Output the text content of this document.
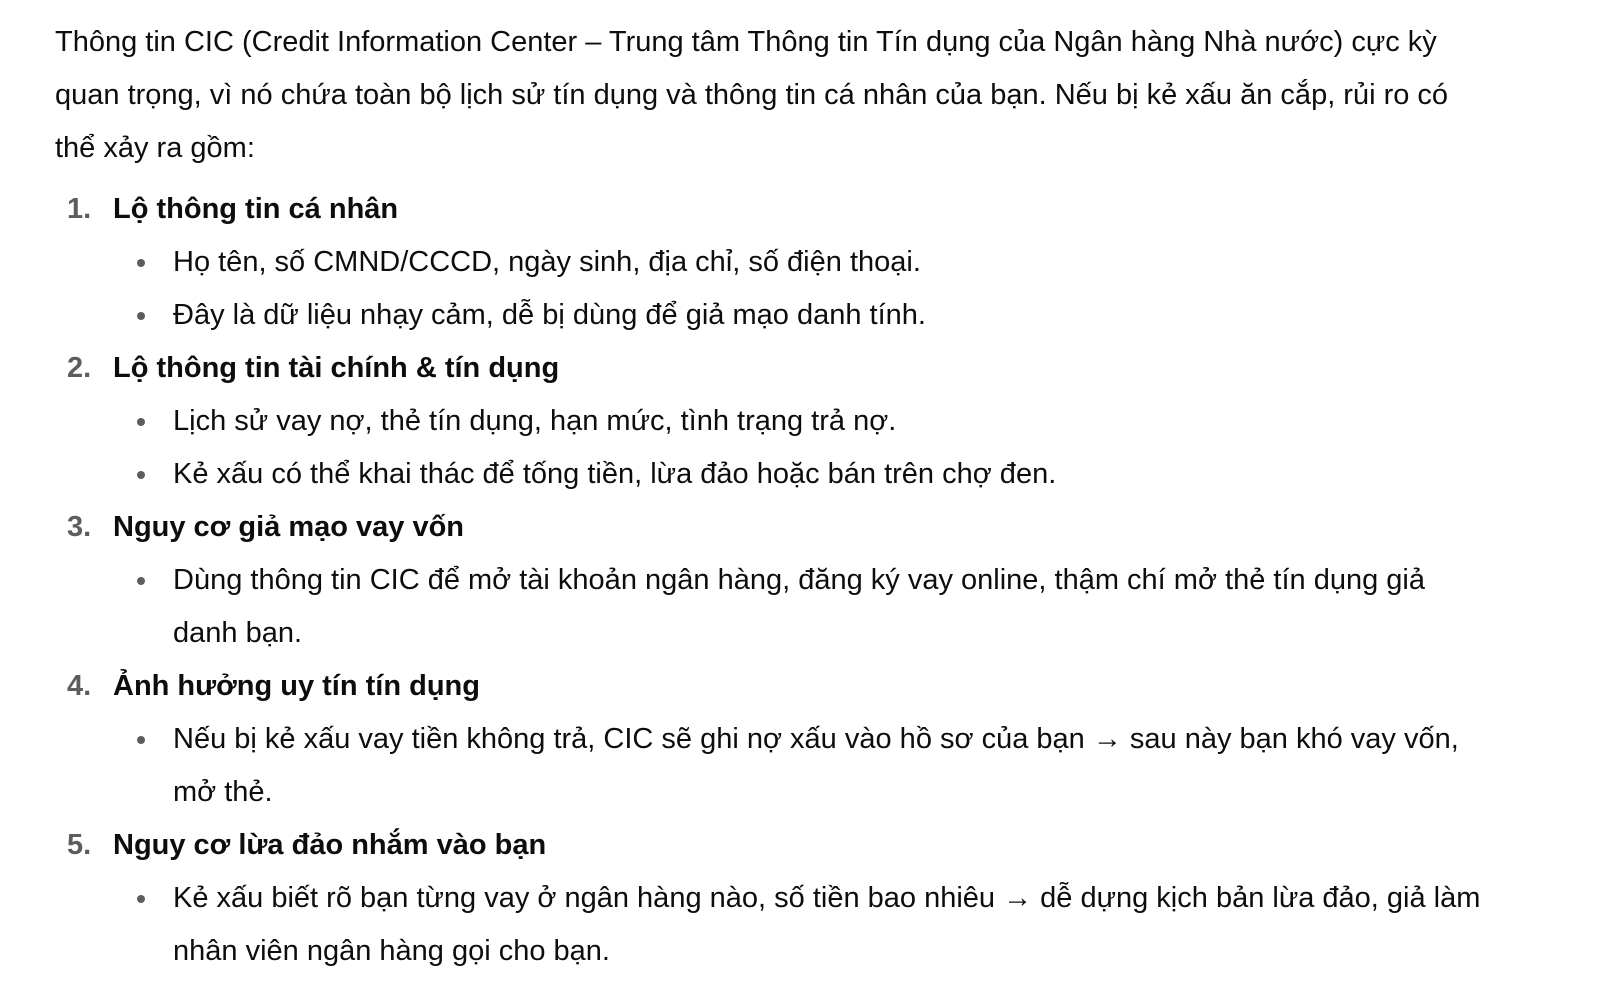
Thông tin CIC (Credit Information Center – Trung tâm Thông tin Tín dụng của Ngân hàng Nhà nước) cực kỳ quan trọng, vì nó chứa toàn bộ lịch sử tín dụng và thông tin cá nhân của bạn. Nếu bị kẻ xấu ăn cắp, rủi ro có thể xảy ra gồm:

1. Lộ thông tin cá nhân
Họ tên, số CMND/CCCD, ngày sinh, địa chỉ, số điện thoại.
Đây là dữ liệu nhạy cảm, dễ bị dùng để giả mạo danh tính.
2. Lộ thông tin tài chính & tín dụng
Lịch sử vay nợ, thẻ tín dụng, hạn mức, tình trạng trả nợ.
Kẻ xấu có thể khai thác để tống tiền, lừa đảo hoặc bán trên chợ đen.
3. Nguy cơ giả mạo vay vốn
Dùng thông tin CIC để mở tài khoản ngân hàng, đăng ký vay online, thậm chí mở thẻ tín dụng giả danh bạn.
4. Ảnh hưởng uy tín tín dụng
Nếu bị kẻ xấu vay tiền không trả, CIC sẽ ghi nợ xấu vào hồ sơ của bạn → sau này bạn khó vay vốn, mở thẻ.
5. Nguy cơ lừa đảo nhắm vào bạn
Kẻ xấu biết rõ bạn từng vay ở ngân hàng nào, số tiền bao nhiêu → dễ dựng kịch bản lừa đảo, giả làm nhân viên ngân hàng gọi cho bạn.
